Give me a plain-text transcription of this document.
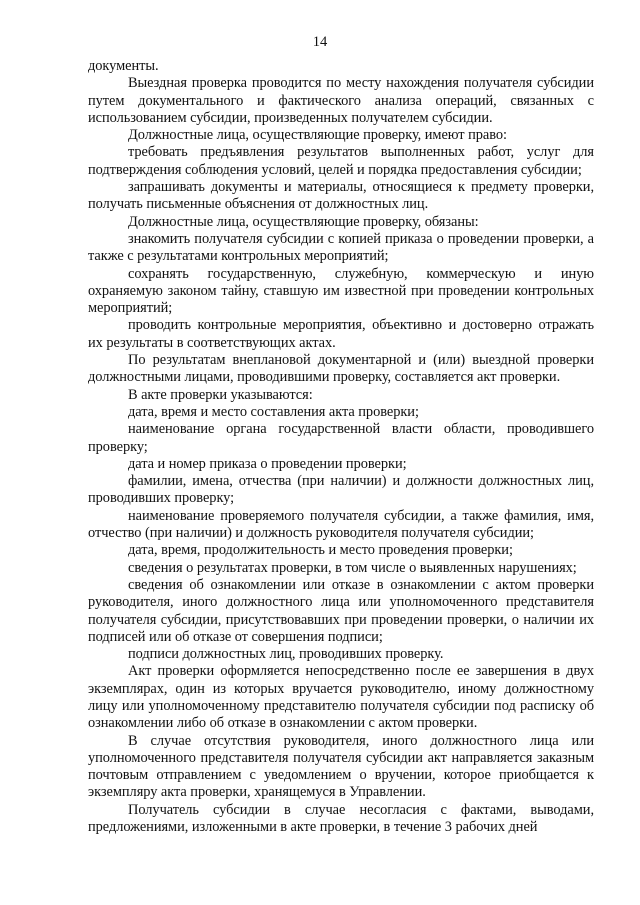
14

документы.

Выездная проверка проводится по месту нахождения получателя субсидии путем документального и фактического анализа операций, связанных с использованием субсидии, произведенных получателем субсидии.

Должностные лица, осуществляющие проверку, имеют право:

требовать предъявления результатов выполненных работ, услуг для подтверждения соблюдения условий, целей и порядка предоставления субсидии;

запрашивать документы и материалы, относящиеся к предмету проверки, получать письменные объяснения от должностных лиц.

Должностные лица, осуществляющие проверку, обязаны:

знакомить получателя субсидии с копией приказа о проведении проверки, а также с результатами контрольных мероприятий;

сохранять государственную, служебную, коммерческую и иную охраняемую законом тайну, ставшую им известной при проведении контрольных мероприятий;

проводить контрольные мероприятия, объективно и достоверно отражать их результаты в соответствующих актах.

По результатам внеплановой документарной и (или) выездной проверки должностными лицами, проводившими проверку, составляется акт проверки.

В акте проверки указываются:

дата, время и место составления акта проверки;

наименование органа государственной власти области, проводившего проверку;

дата и номер приказа о проведении проверки;

фамилии, имена, отчества (при наличии) и должности должностных лиц, проводивших проверку;

наименование проверяемого получателя субсидии, а также фамилия, имя, отчество (при наличии) и должность руководителя получателя субсидии;

дата, время, продолжительность и место проведения проверки;

сведения о результатах проверки, в том числе о выявленных нарушениях;

сведения об ознакомлении или отказе в ознакомлении с актом проверки руководителя, иного должностного лица или уполномоченного представителя получателя субсидии, присутствовавших при проведении проверки, о наличии их подписей или об отказе от совершения подписи;

подписи должностных лиц, проводивших проверку.

Акт проверки оформляется непосредственно после ее завершения в двух экземплярах, один из которых вручается руководителю, иному должностному лицу или уполномоченному представителю получателя субсидии под расписку об ознакомлении либо об отказе в ознакомлении с актом проверки.

В случае отсутствия руководителя, иного должностного лица или уполномоченного представителя получателя субсидии акт направляется заказным почтовым отправлением с уведомлением о вручении, которое приобщается к экземпляру акта проверки, хранящемуся в Управлении.

Получатель субсидии в случае несогласия с фактами, выводами, предложениями, изложенными в акте проверки, в течение 3 рабочих дней
